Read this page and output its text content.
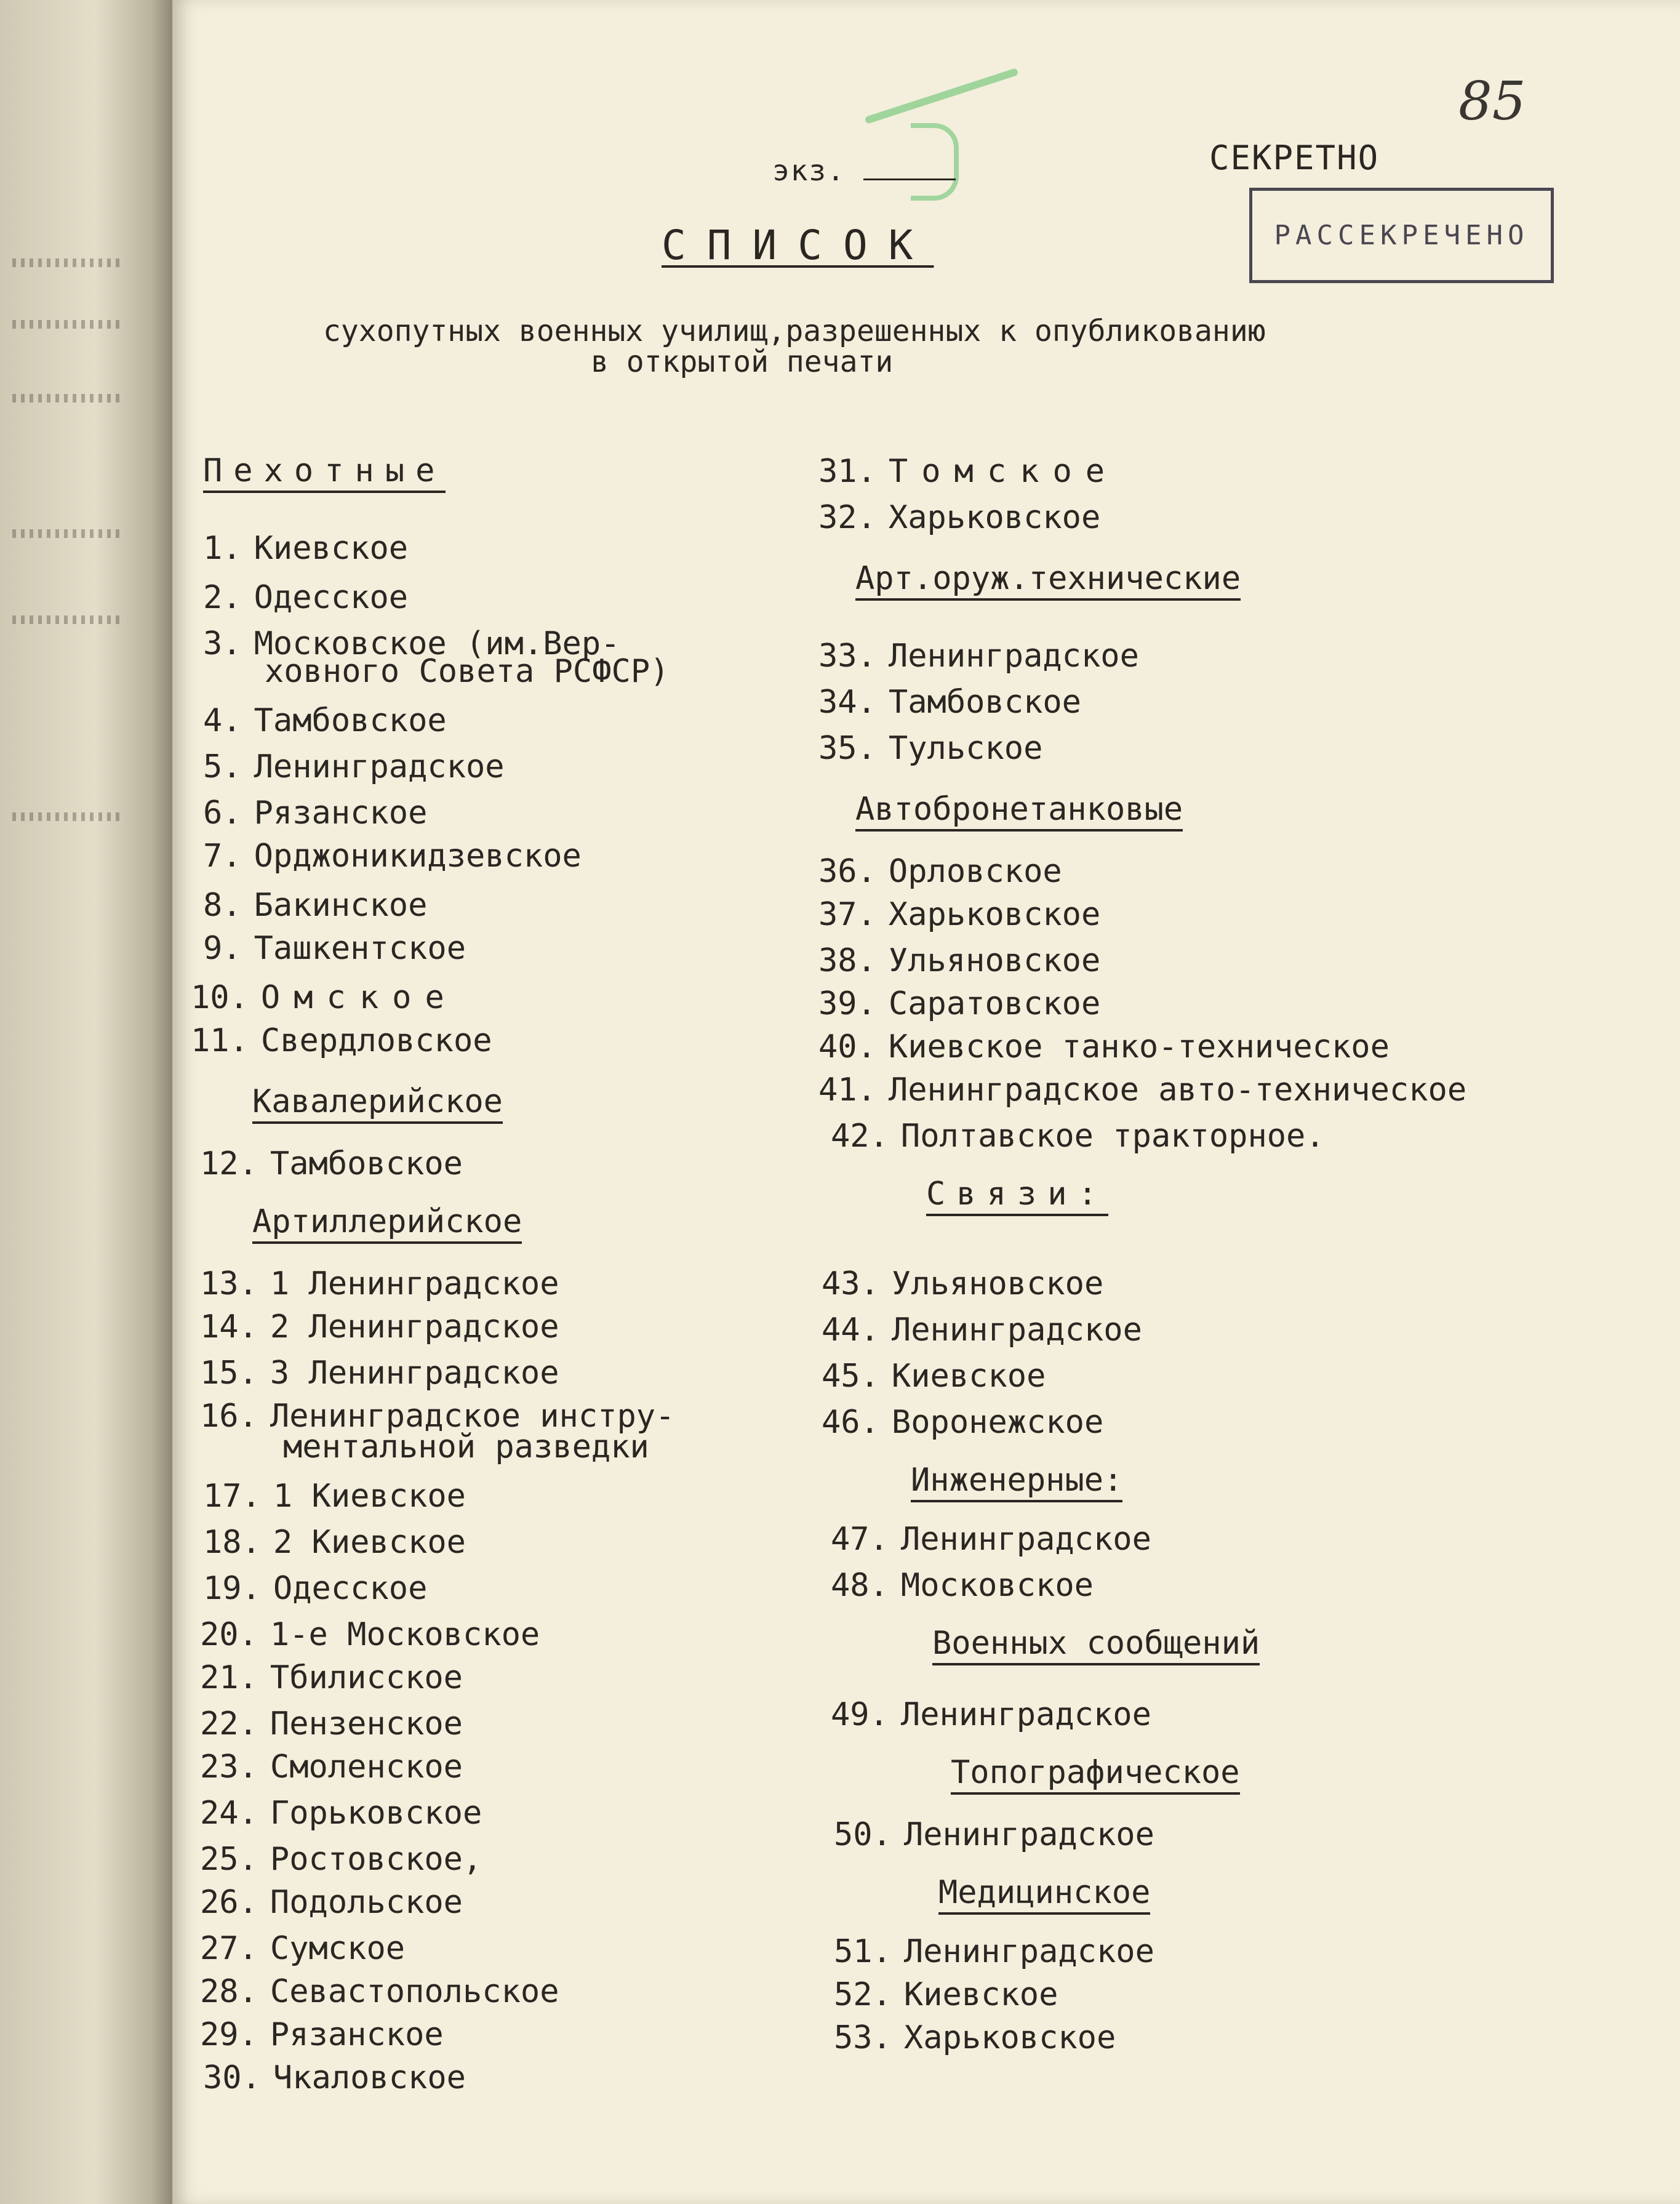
экз.
85
СЕКРЕТНО
РАССЕКРЕЧЕНО
СПИСОК
сухопутных военных училищ,разрешенных к опубликованию
в открытой печати
Пехотные
1. Киевское
2. Одесское
3. Московское (им.Вер-
ховного Совета РСФСР)
4. Тамбовское
5. Ленинградское
6. Рязанское
7. Орджоникидзевское
8. Бакинское
9. Ташкентское
10. Омское
11. Свердловское
Кавалерийское
12. Тамбовское
Артиллерийское
13. 1 Ленинградское
14. 2 Ленинградское
15. 3 Ленинградское
16. Ленинградское инстру-
ментальной разведки
17. 1 Киевское
18. 2 Киевское
19. Одесское
20. 1-е Московское
21. Тбилисское
22. Пензенское
23. Смоленское
24. Горьковское
25. Ростовское,
26. Подольское
27. Сумское
28. Севастопольское
29. Рязанское
30. Чкаловское
31. Томское
32. Харьковское
Арт.оруж.технические
33. Ленинградское
34. Тамбовское
35. Тульское
Автобронетанковые
36. Орловское
37. Харьковское
38. Ульяновское
39. Саратовское
40. Киевское танко-техническое
41. Ленинградское авто-техническое
42. Полтавское тракторное.
Связи:
43. Ульяновское
44. Ленинградское
45. Киевское
46. Воронежское
Инженерные:
47. Ленинградское
48. Московское
Военных сообщений
49. Ленинградское
Топографическое
50. Ленинградское
Медицинское
51. Ленинградское
52. Киевское
53. Харьковское
